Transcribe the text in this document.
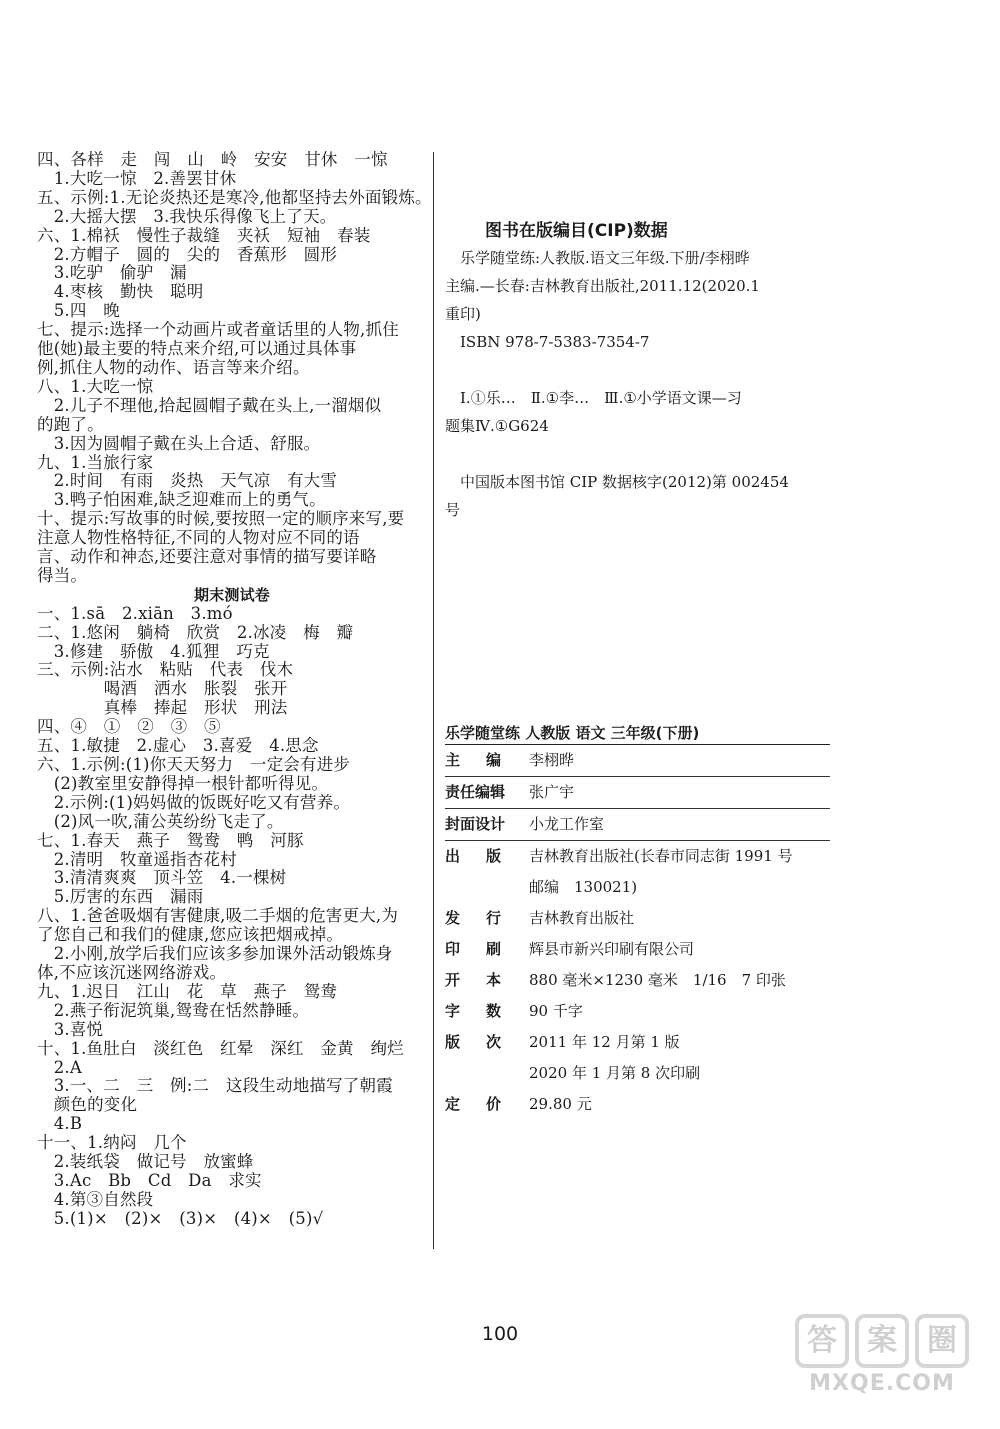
四、各样　走　闯　山　岭　安安　甘休　一惊
　1.大吃一惊　2.善罢甘休
五、示例:1.无论炎热还是寒冷,他都坚持去外面锻炼。
　2.大摇大摆　3.我快乐得像飞上了天。
六、1.棉袄　慢性子裁缝　夹袄　短袖　春装
　2.方帽子　圆的　尖的　香蕉形　圆形
　3.吃驴　偷驴　漏
　4.枣核　勤快　聪明
　5.四　晚
七、提示:选择一个动画片或者童话里的人物,抓住
他(她)最主要的特点来介绍,可以通过具体事
例,抓住人物的动作、语言等来介绍。
八、1.大吃一惊
　2.儿子不理他,拾起圆帽子戴在头上,一溜烟似
的跑了。
　3.因为圆帽子戴在头上合适、舒服。
九、1.当旅行家
　2.时间　有雨　炎热　天气凉　有大雪
　3.鸭子怕困难,缺乏迎难而上的勇气。
十、提示:写故事的时候,要按照一定的顺序来写,要
注意人物性格特征,不同的人物对应不同的语
言、动作和神态,还要注意对事情的描写要详略
得当。
期末测试卷
一、1.sā　2.xiān　3.mó
二、1.悠闲　躺椅　欣赏　2.冰凌　梅　瓣
　3.修建　骄傲　4.狐狸　巧克
三、示例:沾水　粘贴　代表　伐木
　　　　喝酒　洒水　胀裂　张开
　　　　真棒　捧起　形状　刑法
四、④　①　②　③　⑤
五、1.敏捷　2.虚心　3.喜爱　4.思念
六、1.示例:(1)你天天努力　一定会有进步
　(2)教室里安静得掉一根针都听得见。
　2.示例:(1)妈妈做的饭既好吃又有营养。
　(2)风一吹,蒲公英纷纷飞走了。
七、1.春天　燕子　鸳鸯　鸭　河豚
　2.清明　牧童遥指杏花村
　3.清清爽爽　顶斗笠　4.一棵树
　5.厉害的东西　漏雨
八、1.爸爸吸烟有害健康,吸二手烟的危害更大,为
了您自己和我们的健康,您应该把烟戒掉。
　2.小刚,放学后我们应该多参加课外活动锻炼身
体,不应该沉迷网络游戏。
九、1.迟日　江山　花　草　燕子　鸳鸯
　2.燕子衔泥筑巢,鸳鸯在恬然静睡。
　3.喜悦
十、1.鱼肚白　淡红色　红晕　深红　金黄　绚烂
　2.A
　3.一、二　三　例:二　这段生动地描写了朝霞
　颜色的变化
　4.B
十一、1.纳闷　几个
　2.装纸袋　做记号　放蜜蜂
　3.Ac　Bb　Cd　Da　求实
　4.第③自然段
　5.(1)×　(2)×　(3)×　(4)×　(5)√
图书在版编目(CIP)数据
　乐学随堂练:人教版.语文三年级.下册/李栩晔
主编.—长春:吉林教育出版社,2011.12(2020.1
重印)
　ISBN 978-7-5383-7354-7
　Ⅰ.①乐…　Ⅱ.①李…　Ⅲ.①小学语文课—习
题集Ⅳ.①G624
　中国版本图书馆 CIP 数据核字(2012)第 002454
号
乐学随堂练 人教版 语文 三年级(下册)
主编 李栩晔
责任编辑	张广宇
封面设计	小龙工作室
出版 吉林教育出版社(长春市同志街 1991 号
邮编　130021)
发行 吉林教育出版社
印刷 辉县市新兴印刷有限公司
开本 880 毫米×1230 毫米　1/16　7 印张
字数 90 千字
版次 2011 年 12 月第 1 版
2020 年 1 月第 8 次印刷
定价 29.80 元
100	答	案	圈
MXQE.COM
